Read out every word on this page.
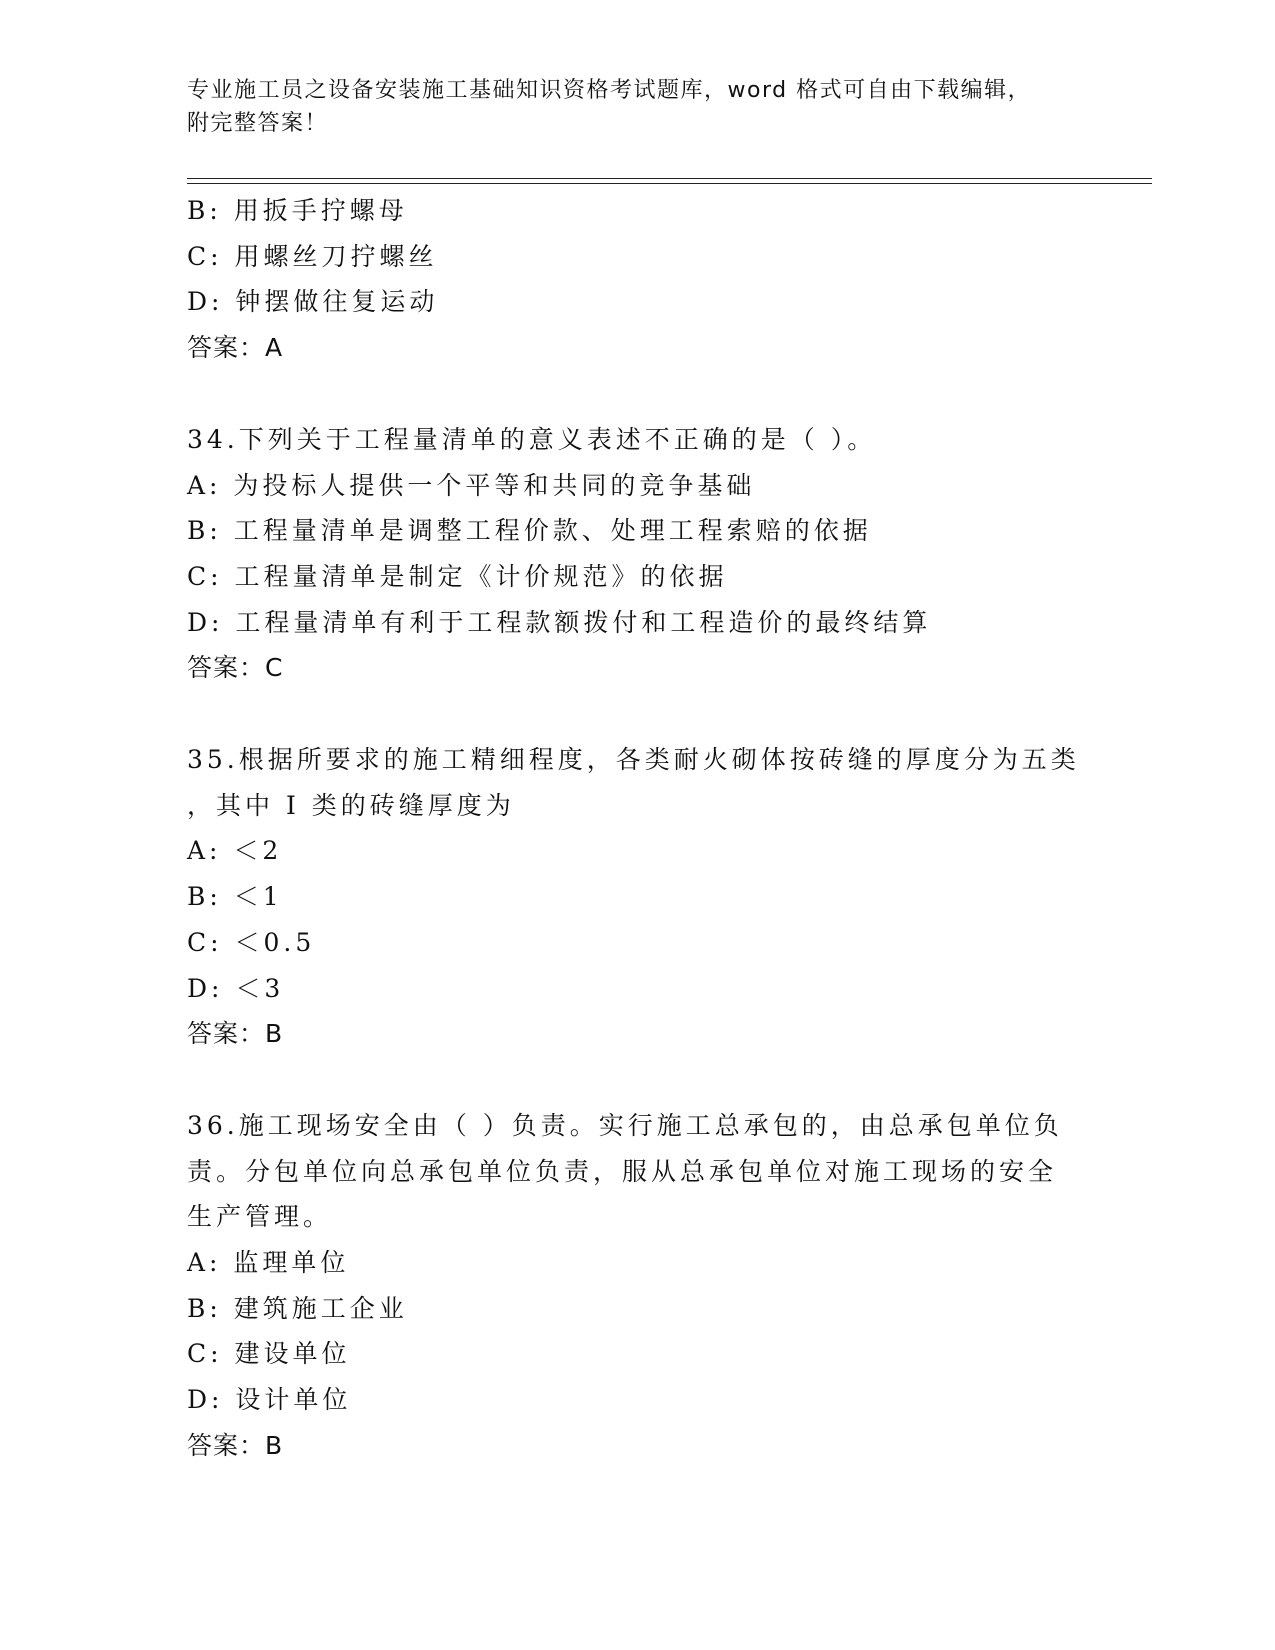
专业施工员之设备安装施工基础知识资格考试题库，word 格式可自由下载编辑，
附完整答案！
B: 用扳手拧螺母
C: 用螺丝刀拧螺丝
D: 钟摆做往复运动
答案：A
34.下列关于工程量清单的意义表述不正确的是（ ）。
A: 为投标人提供一个平等和共同的竞争基础
B: 工程量清单是调整工程价款、处理工程索赔的依据
C: 工程量清单是制定《计价规范》的依据
D: 工程量清单有利于工程款额拨付和工程造价的最终结算
答案：C
35.根据所要求的施工精细程度，各类耐火砌体按砖缝的厚度分为五类
，其中 I 类的砖缝厚度为
A: ＜2
B: ＜1
C: ＜0.5
D: ＜3
答案：B
36.施工现场安全由（ ）负责。实行施工总承包的，由总承包单位负
责。分包单位向总承包单位负责，服从总承包单位对施工现场的安全
生产管理。
A: 监理单位
B: 建筑施工企业
C: 建设单位
D: 设计单位
答案：B
